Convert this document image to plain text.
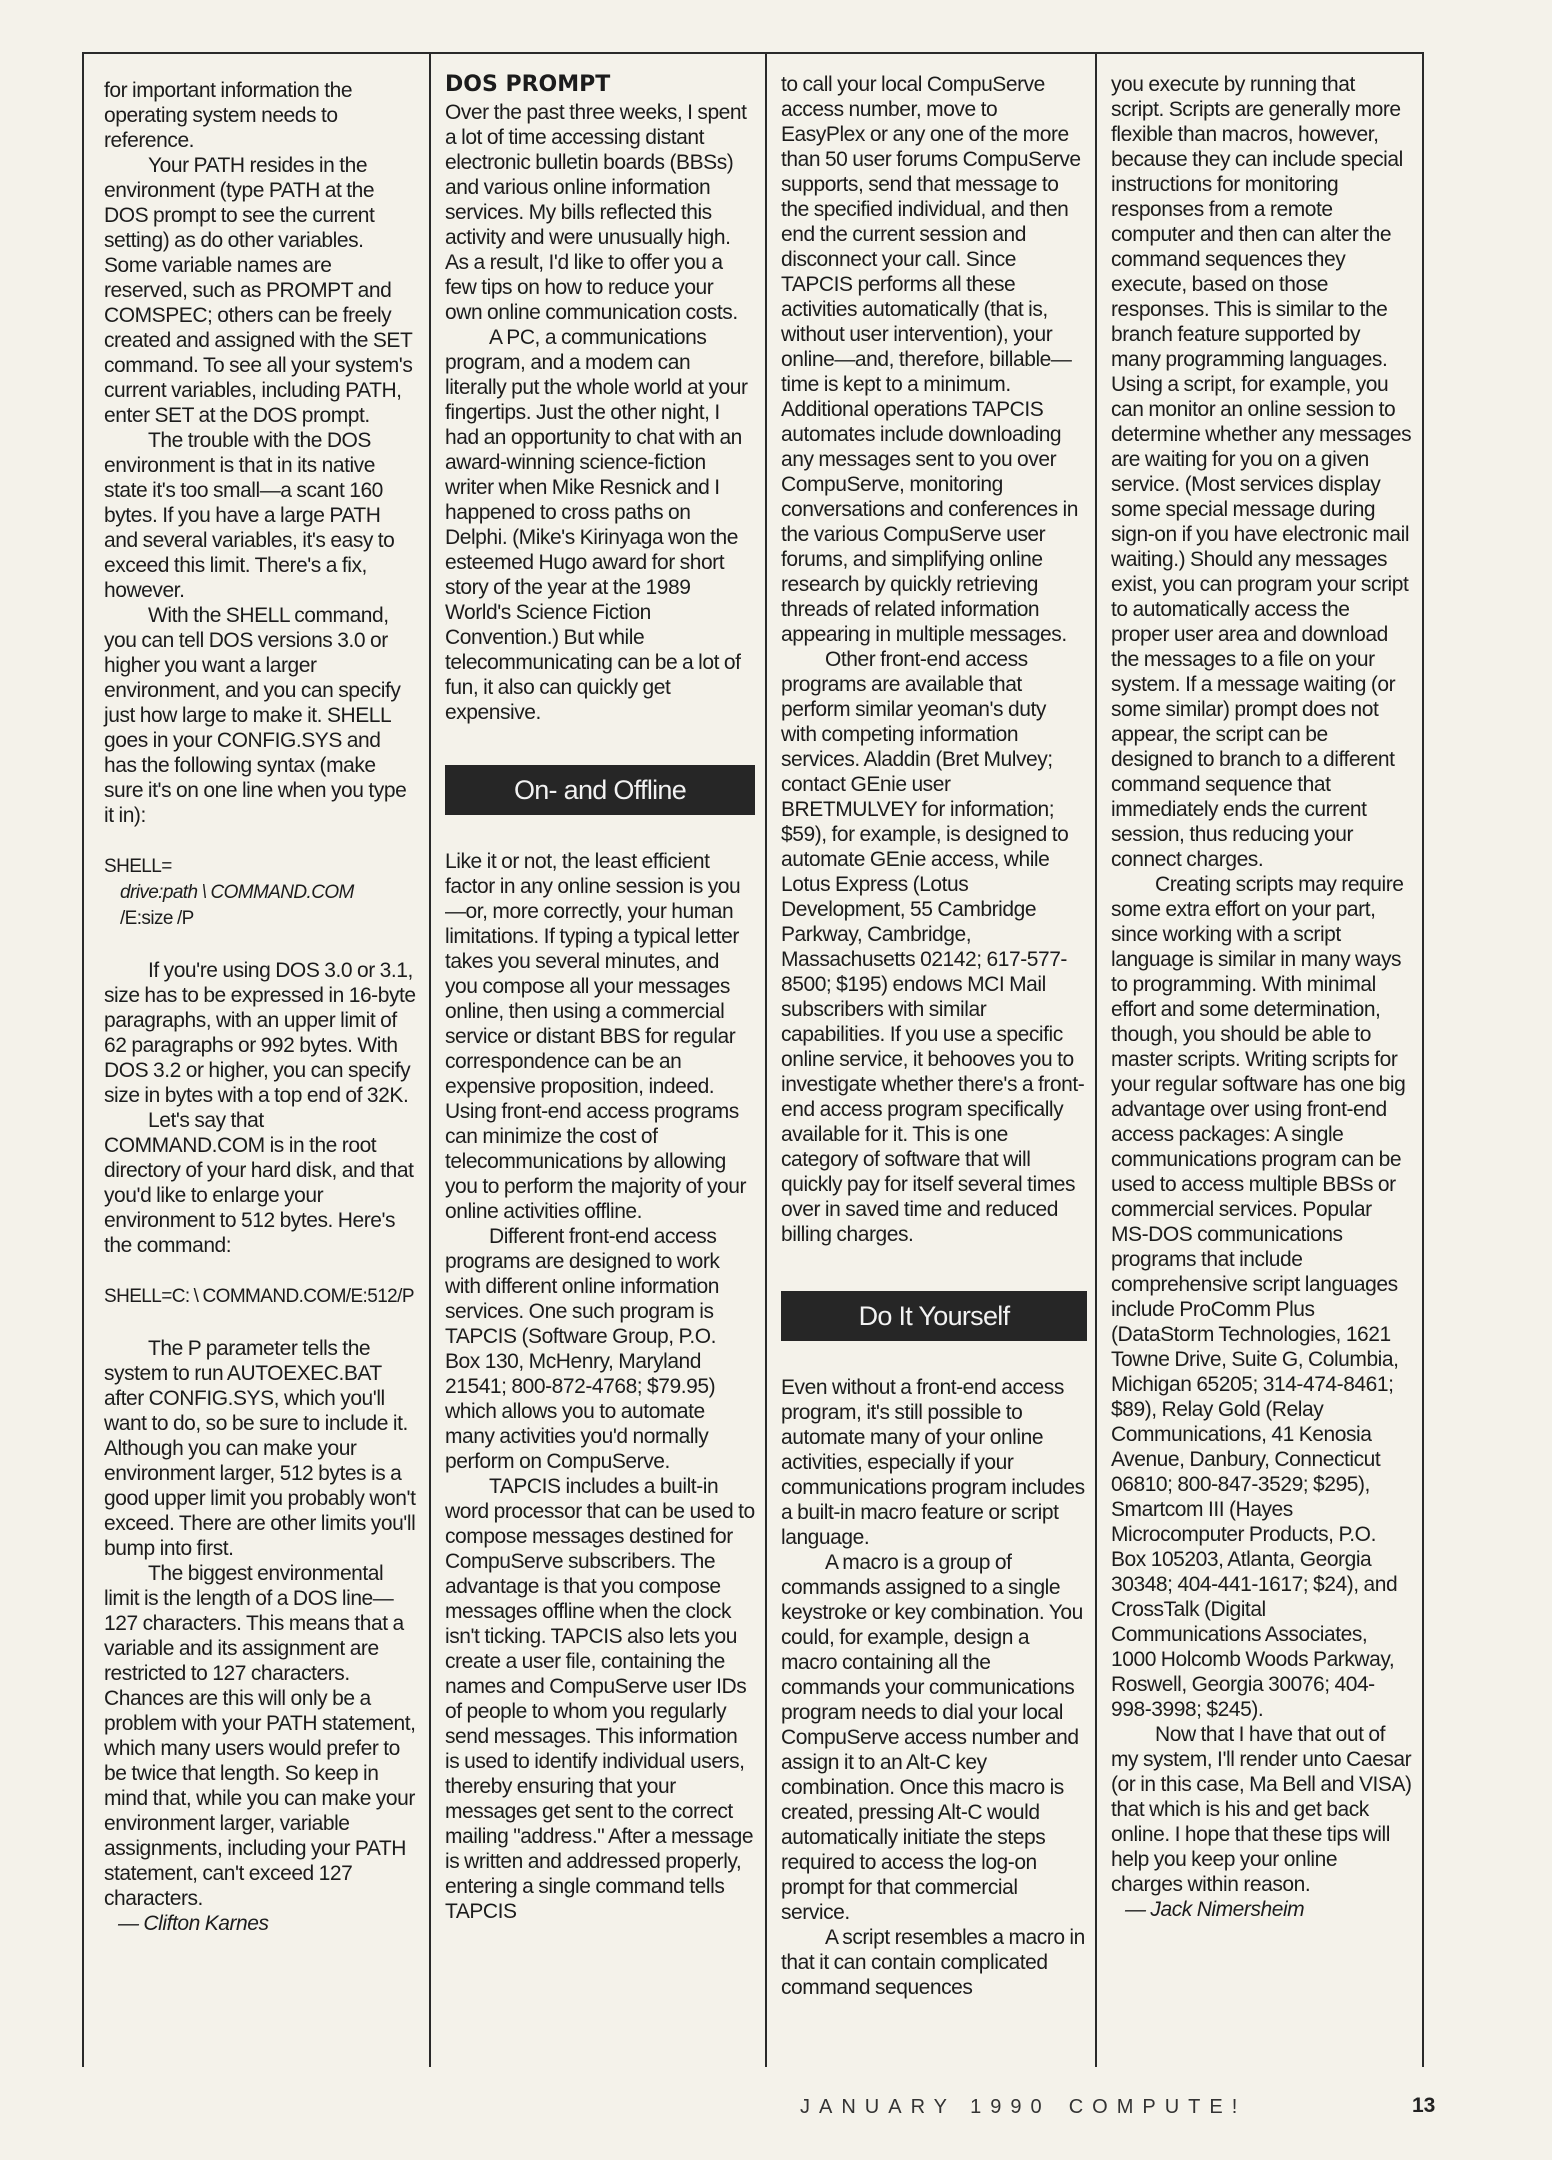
for important information the operating system needs to reference.

Your PATH resides in the environment (type PATH at the DOS prompt to see the current setting) as do other variables. Some variable names are reserved, such as PROMPT and COMSPEC; others can be freely created and assigned with the SET command. To see all your system's current variables, including PATH, enter SET at the DOS prompt.

The trouble with the DOS environment is that in its native state it's too small—a scant 160 bytes. If you have a large PATH and several variables, it's easy to exceed this limit. There's a fix, however.

With the SHELL command, you can tell DOS versions 3.0 or higher you want a larger environment, and you can specify just how large to make it. SHELL goes in your CONFIG.SYS and has the following syntax (make sure it's on one line when you type it in):

SHELL=
drive:path \ COMMAND.COM
/E:size /P

If you're using DOS 3.0 or 3.1, size has to be expressed in 16-byte paragraphs, with an upper limit of 62 paragraphs or 992 bytes. With DOS 3.2 or higher, you can specify size in bytes with a top end of 32K.

Let's say that COMMAND.COM is in the root directory of your hard disk, and that you'd like to enlarge your environment to 512 bytes. Here's the command:

SHELL=C: \ COMMAND.COM/E:512/P

The P parameter tells the system to run AUTOEXEC.BAT after CONFIG.SYS, which you'll want to do, so be sure to include it. Although you can make your environment larger, 512 bytes is a good upper limit you probably won't exceed. There are other limits you'll bump into first.

The biggest environmental limit is the length of a DOS line—127 characters. This means that a variable and its assignment are restricted to 127 characters. Chances are this will only be a problem with your PATH statement, which many users would prefer to be twice that length. So keep in mind that, while you can make your environment larger, variable assignments, including your PATH statement, can't exceed 127 characters.

— Clifton Karnes

DOS PROMPT

Over the past three weeks, I spent a lot of time accessing distant electronic bulletin boards (BBSs) and various online information services. My bills reflected this activity and were unusually high. As a result, I'd like to offer you a few tips on how to reduce your own online communication costs.

A PC, a communications program, and a modem can literally put the whole world at your fingertips. Just the other night, I had an opportunity to chat with an award-winning science-fiction writer when Mike Resnick and I happened to cross paths on Delphi. (Mike's Kirinyaga won the esteemed Hugo award for short story of the year at the 1989 World's Science Fiction Convention.) But while telecommunicating can be a lot of fun, it also can quickly get expensive.

On- and Offline

Like it or not, the least efficient factor in any online session is you—or, more correctly, your human limitations. If typing a typical letter takes you several minutes, and you compose all your messages online, then using a commercial service or distant BBS for regular correspondence can be an expensive proposition, indeed. Using front-end access programs can minimize the cost of telecommunications by allowing you to perform the majority of your online activities offline.

Different front-end access programs are designed to work with different online information services. One such program is TAPCIS (Software Group, P.O. Box 130, McHenry, Maryland 21541; 800-872-4768; $79.95) which allows you to automate many activities you'd normally perform on CompuServe.

TAPCIS includes a built-in word processor that can be used to compose messages destined for CompuServe subscribers. The advantage is that you compose messages offline when the clock isn't ticking. TAPCIS also lets you create a user file, containing the names and CompuServe user IDs of people to whom you regularly send messages. This information is used to identify individual users, thereby ensuring that your messages get sent to the correct mailing "address." After a message is written and addressed properly, entering a single command tells TAPCIS

to call your local CompuServe access number, move to EasyPlex or any one of the more than 50 user forums CompuServe supports, send that message to the specified individual, and then end the current session and disconnect your call. Since TAPCIS performs all these activities automatically (that is, without user intervention), your online—and, therefore, billable—time is kept to a minimum. Additional operations TAPCIS automates include downloading any messages sent to you over CompuServe, monitoring conversations and conferences in the various CompuServe user forums, and simplifying online research by quickly retrieving threads of related information appearing in multiple messages.

Other front-end access programs are available that perform similar yeoman's duty with competing information services. Aladdin (Bret Mulvey; contact GEnie user BRETMULVEY for information; $59), for example, is designed to automate GEnie access, while Lotus Express (Lotus Development, 55 Cambridge Parkway, Cambridge, Massachusetts 02142; 617-577-8500; $195) endows MCI Mail subscribers with similar capabilities. If you use a specific online service, it behooves you to investigate whether there's a front-end access program specifically available for it. This is one category of software that will quickly pay for itself several times over in saved time and reduced billing charges.

Do It Yourself

Even without a front-end access program, it's still possible to automate many of your online activities, especially if your communications program includes a built-in macro feature or script language.

A macro is a group of commands assigned to a single keystroke or key combination. You could, for example, design a macro containing all the commands your communications program needs to dial your local CompuServe access number and assign it to an Alt-C key combination. Once this macro is created, pressing Alt-C would automatically initiate the steps required to access the log-on prompt for that commercial service.

A script resembles a macro in that it can contain complicated command sequences

you execute by running that script. Scripts are generally more flexible than macros, however, because they can include special instructions for monitoring responses from a remote computer and then can alter the command sequences they execute, based on those responses. This is similar to the branch feature supported by many programming languages. Using a script, for example, you can monitor an online session to determine whether any messages are waiting for you on a given service. (Most services display some special message during sign-on if you have electronic mail waiting.) Should any messages exist, you can program your script to automatically access the proper user area and download the messages to a file on your system. If a message waiting (or some similar) prompt does not appear, the script can be designed to branch to a different command sequence that immediately ends the current session, thus reducing your connect charges.

Creating scripts may require some extra effort on your part, since working with a script language is similar in many ways to programming. With minimal effort and some determination, though, you should be able to master scripts. Writing scripts for your regular software has one big advantage over using front-end access packages: A single communications program can be used to access multiple BBSs or commercial services. Popular MS-DOS communications programs that include comprehensive script languages include ProComm Plus (DataStorm Technologies, 1621 Towne Drive, Suite G, Columbia, Michigan 65205; 314-474-8461; $89), Relay Gold (Relay Communications, 41 Kenosia Avenue, Danbury, Connecticut 06810; 800-847-3529; $295), Smartcom III (Hayes Microcomputer Products, P.O. Box 105203, Atlanta, Georgia 30348; 404-441-1617; $24), and CrossTalk (Digital Communications Associates, 1000 Holcomb Woods Parkway, Roswell, Georgia 30076; 404-998-3998; $245).

Now that I have that out of my system, I'll render unto Caesar (or in this case, Ma Bell and VISA) that which is his and get back online. I hope that these tips will help you keep your online charges within reason.

— Jack Nimersheim

JANUARY 1990 COMPUTE!	13
